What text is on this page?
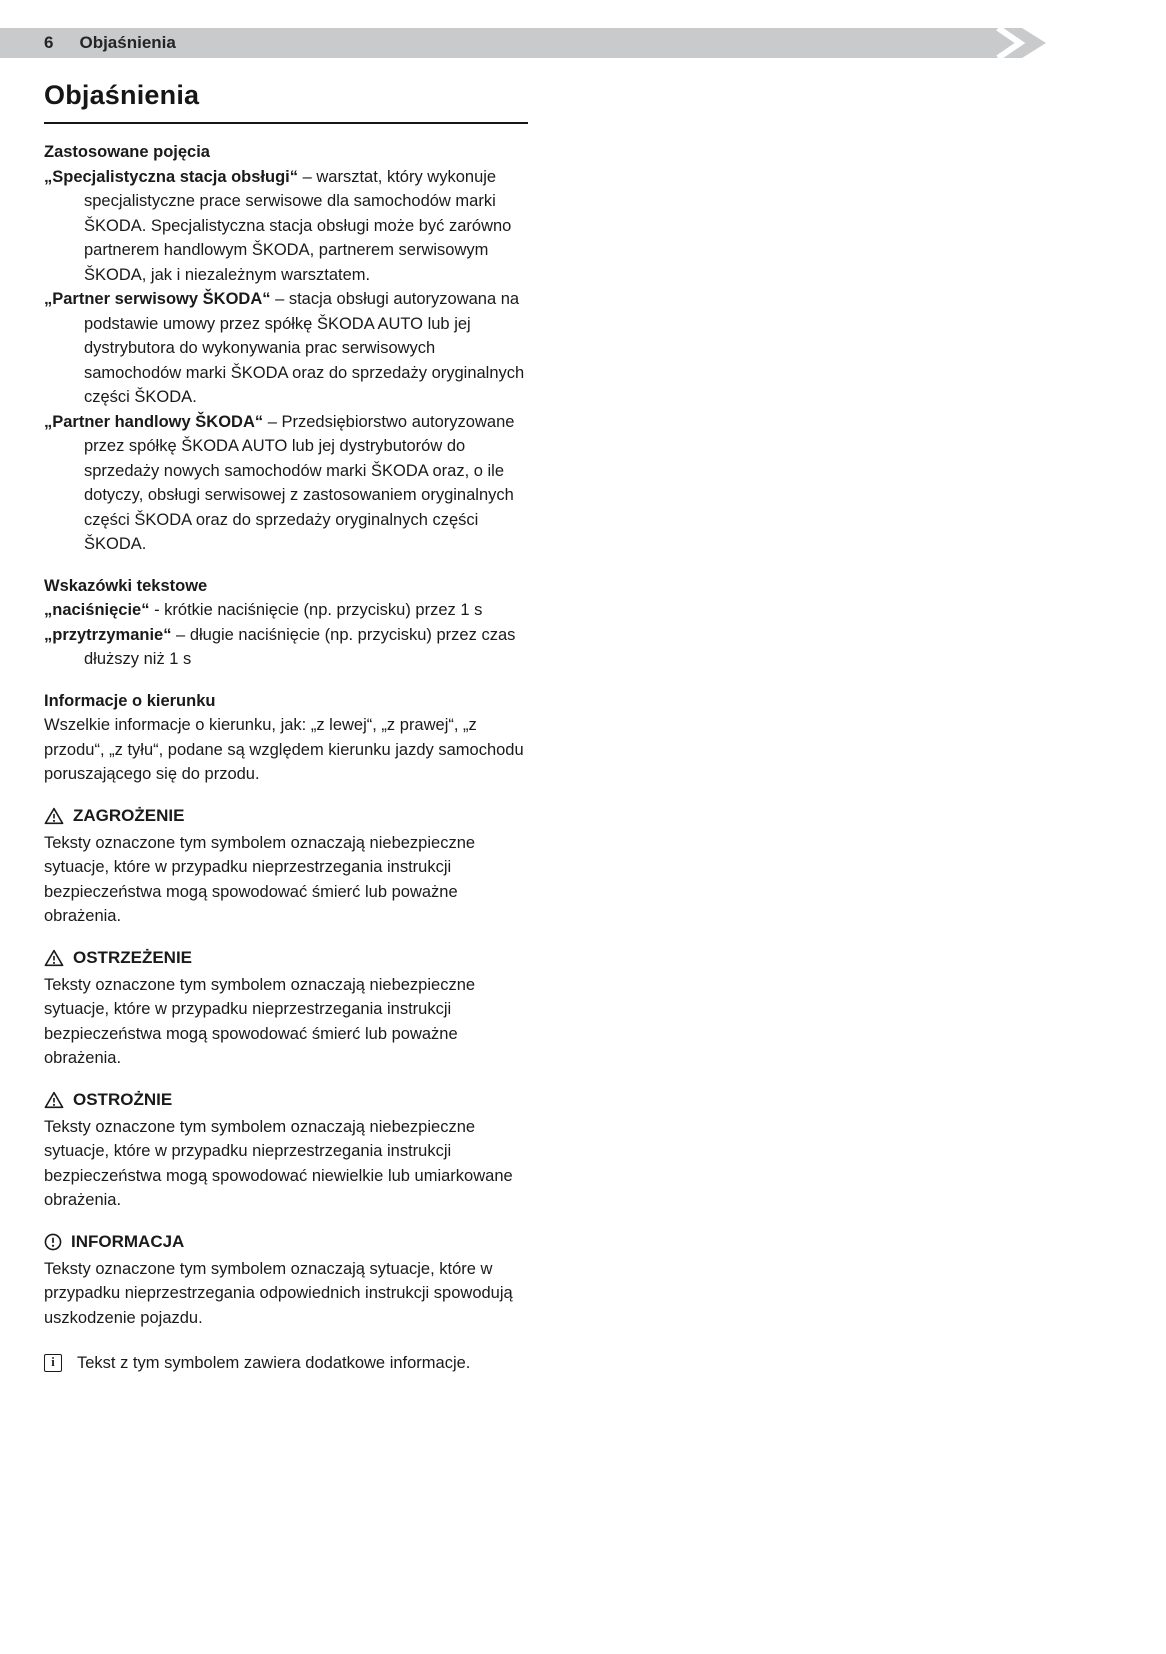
6 Objaśnienia
Objaśnienia
Zastosowane pojęcia

„Specjalistyczna stacja obsługi“ – warsztat, który wykonuje specjalistyczne prace serwisowe dla samochodów marki ŠKODA. Specjalistyczna stacja obsługi może być zarówno partnerem handlowym ŠKODA, partnerem serwisowym ŠKODA, jak i niezależnym warsztatem.

„Partner serwisowy ŠKODA“ – stacja obsługi autoryzowana na podstawie umowy przez spółkę ŠKODA AUTO lub jej dystrybutora do wykonywania prac serwisowych samochodów marki ŠKODA oraz do sprzedaży oryginalnych części ŠKODA.

„Partner handlowy ŠKODA“ – Przedsiębiorstwo autoryzowane przez spółkę ŠKODA AUTO lub jej dystrybutorów do sprzedaży nowych samochodów marki ŠKODA oraz, o ile dotyczy, obsługi serwisowej z zastosowaniem oryginalnych części ŠKODA oraz do sprzedaży oryginalnych części ŠKODA.

Wskazówki tekstowe

„naciśnięcie“ - krótkie naciśnięcie (np. przycisku) przez 1 s

„przytrzymanie“ – długie naciśnięcie (np. przycisku) przez czas dłuższy niż 1 s

Informacje o kierunku

Wszelkie informacje o kierunku, jak: „z lewej“, „z prawej“, „z przodu“, „z tyłu“, podane są względem kierunku jazdy samochodu poruszającego się do przodu.

ZAGROŻENIE

Teksty oznaczone tym symbolem oznaczają niebezpieczne sytuacje, które w przypadku nieprzestrzegania instrukcji bezpieczeństwa mogą spowodować śmierć lub poważne obrażenia.

OSTRZEŻENIE

Teksty oznaczone tym symbolem oznaczają niebezpieczne sytuacje, które w przypadku nieprzestrzegania instrukcji bezpieczeństwa mogą spowodować śmierć lub poważne obrażenia.

OSTROŻNIE

Teksty oznaczone tym symbolem oznaczają niebezpieczne sytuacje, które w przypadku nieprzestrzegania instrukcji bezpieczeństwa mogą spowodować niewielkie lub umiarkowane obrażenia.

INFORMACJA

Teksty oznaczone tym symbolem oznaczają sytuacje, które w przypadku nieprzestrzegania odpowiednich instrukcji spowodują uszkodzenie pojazdu.

i	Tekst z tym symbolem zawiera dodatkowe informacje.
